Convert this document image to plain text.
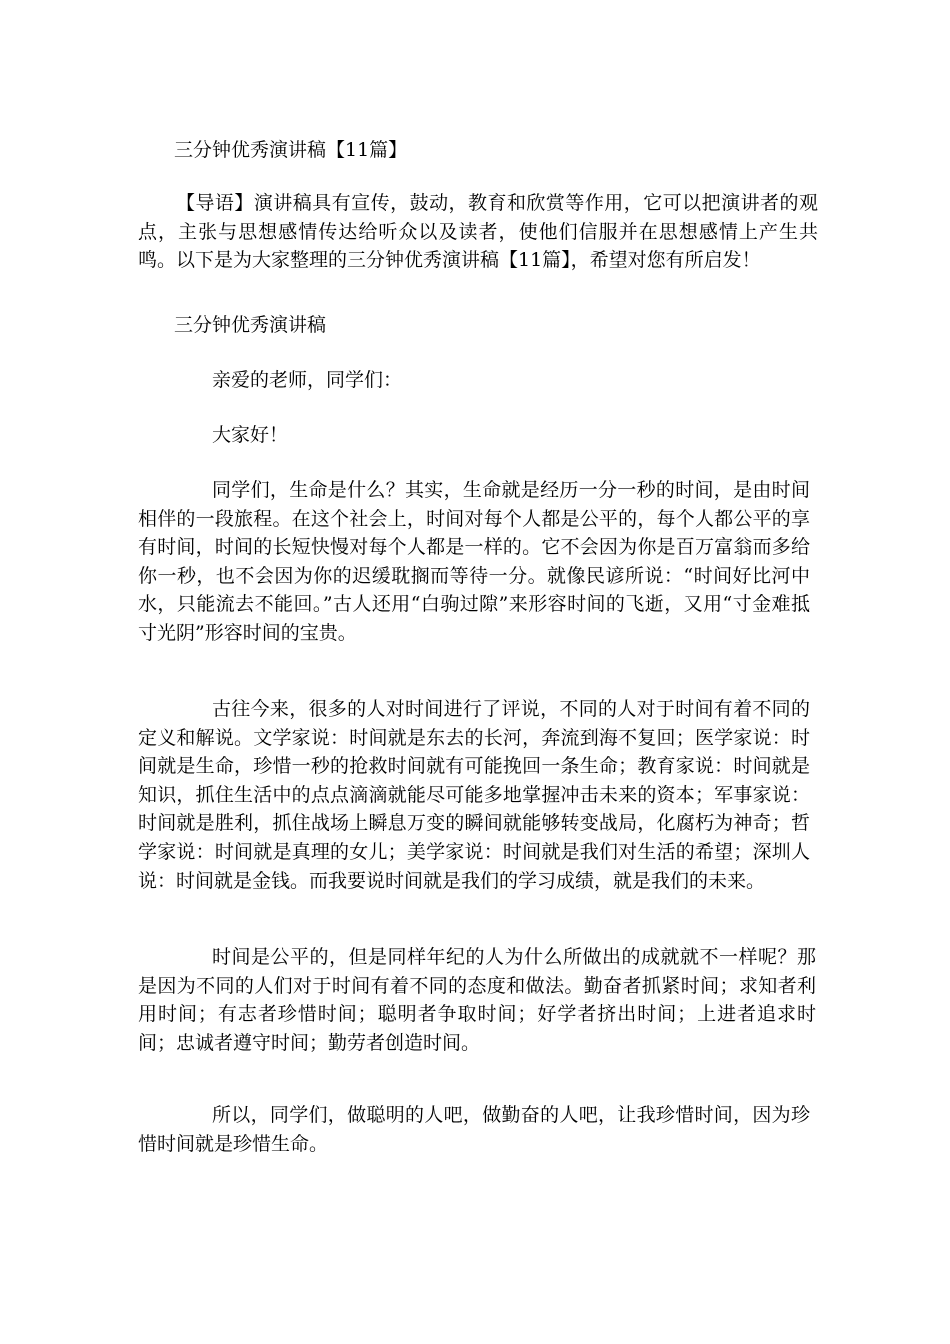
三分钟优秀演讲稿【11篇】

【导语】演讲稿具有宣传，鼓动，教育和欣赏等作用，它可以把演讲者的观点，主张与思想感情传达给听众以及读者，使他们信服并在思想感情上产生共鸣。以下是为大家整理的三分钟优秀演讲稿【11篇】，希望对您有所启发！

三分钟优秀演讲稿
亲爱的老师，同学们：
大家好！

同学们，生命是什么？其实，生命就是经历一分一秒的时间，是由时间相伴的一段旅程。在这个社会上，时间对每个人都是公平的，每个人都公平的享有时间，时间的长短快慢对每个人都是一样的。它不会因为你是百万富翁而多给你一秒，也不会因为你的迟缓耽搁而等待一分。就像民谚所说：“时间好比河中水，只能流去不能回。”古人还用“白驹过隙”来形容时间的飞逝，又用“寸金难抵寸光阴”形容时间的宝贵。

古往今来，很多的人对时间进行了评说，不同的人对于时间有着不同的定义和解说。文学家说：时间就是东去的长河，奔流到海不复回；医学家说：时间就是生命，珍惜一秒的抢救时间就有可能挽回一条生命；教育家说：时间就是知识，抓住生活中的点点滴滴就能尽可能多地掌握冲击未来的资本；军事家说：时间就是胜利，抓住战场上瞬息万变的瞬间就能够转变战局，化腐朽为神奇；哲学家说：时间就是真理的女儿；美学家说：时间就是我们对生活的希望；深圳人说：时间就是金钱。而我要说时间就是我们的学习成绩，就是我们的未来。

时间是公平的，但是同样年纪的人为什么所做出的成就就不一样呢？那是因为不同的人们对于时间有着不同的态度和做法。勤奋者抓紧时间；求知者利用时间；有志者珍惜时间；聪明者争取时间；好学者挤出时间；上进者追求时间；忠诚者遵守时间；勤劳者创造时间。

所以，同学们，做聪明的人吧，做勤奋的人吧，让我珍惜时间，因为珍惜时间就是珍惜生命。
